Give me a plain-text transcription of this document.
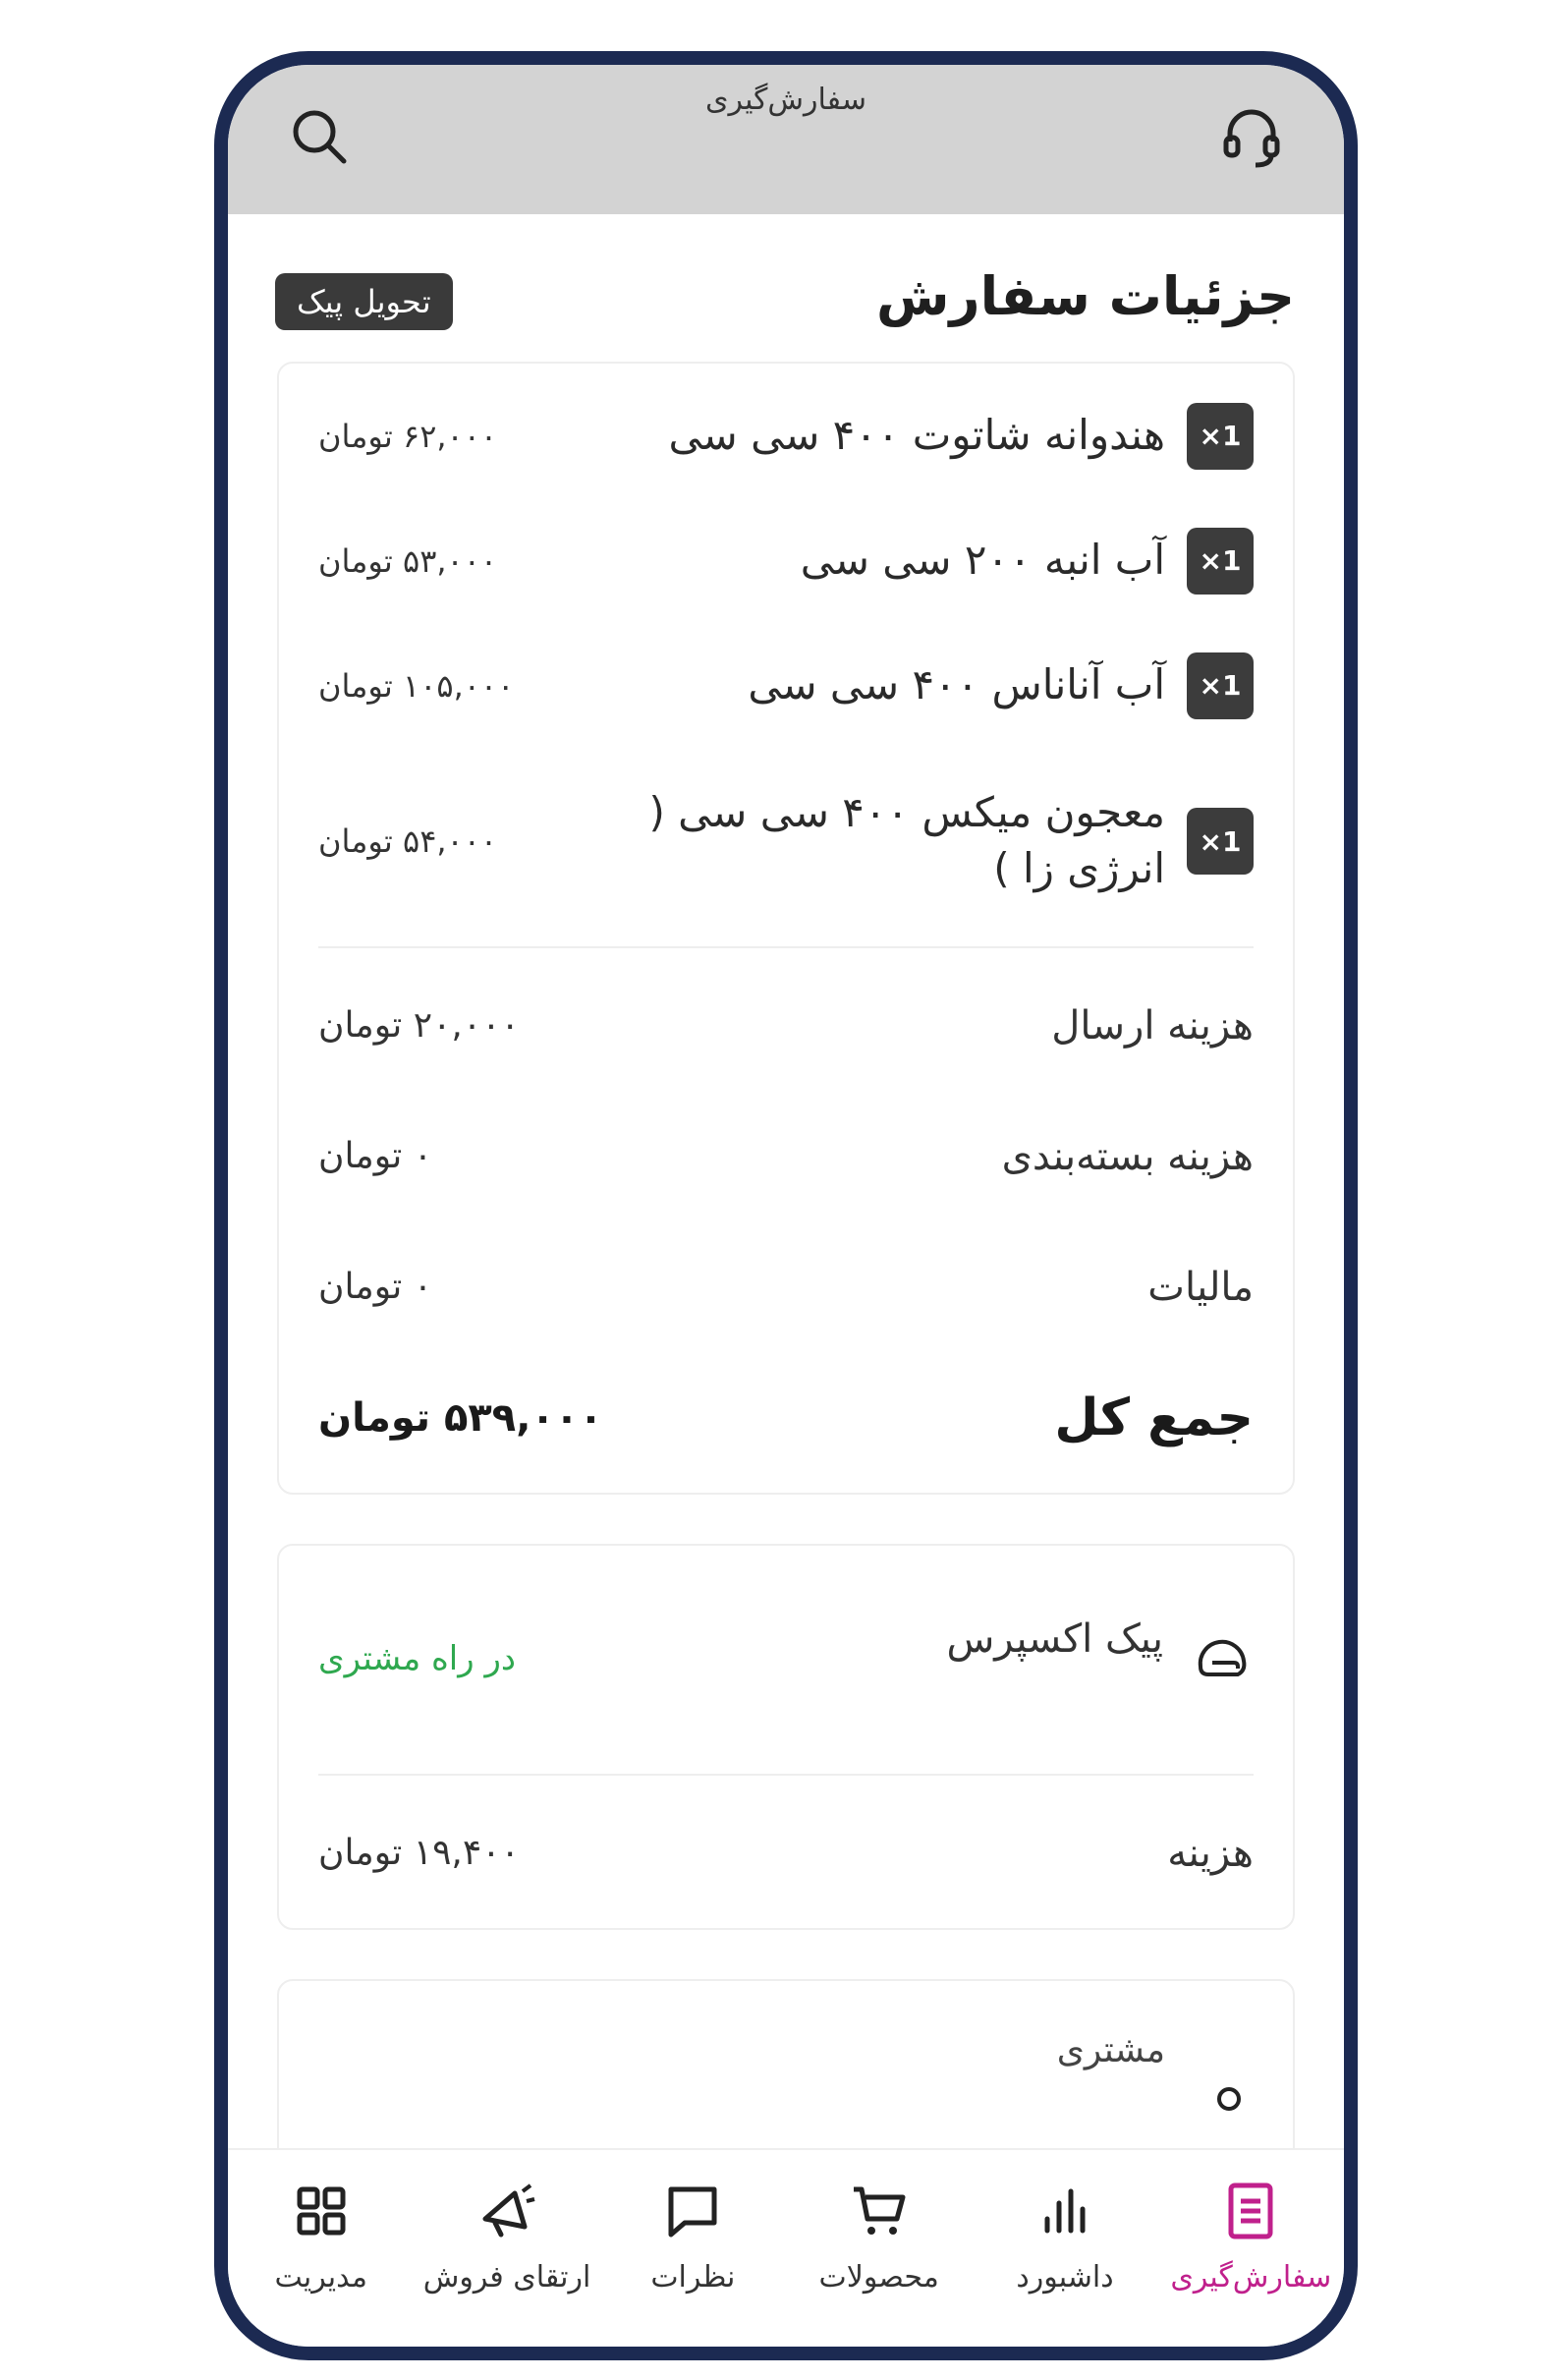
سفارش‌گیری
جزئیات سفارش
تحویل پیک
×1
هندوانه شاتوت ۴۰۰ سی سی
۶۲,۰۰۰ تومان
×1
آب انبه ۲۰۰ سی سی
۵۳,۰۰۰ تومان
×1
آب آناناس ۴۰۰ سی سی
۱۰۵,۰۰۰ تومان
×1
معجون میکس ۴۰۰ سی سی ( انرژی زا )
۵۴,۰۰۰ تومان
هزینه ارسال
۲۰,۰۰۰ تومان
هزینه بسته‌بندی
۰ تومان
مالیات
۰ تومان
جمع کل
۵۳۹,۰۰۰ تومان
پیک اکسپرس
در راه مشتری
هزینه
۱۹,۴۰۰ تومان
مشتری
سفارش‌گیری
داشبورد
محصولات
نظرات
ارتقای فروش
مدیریت
